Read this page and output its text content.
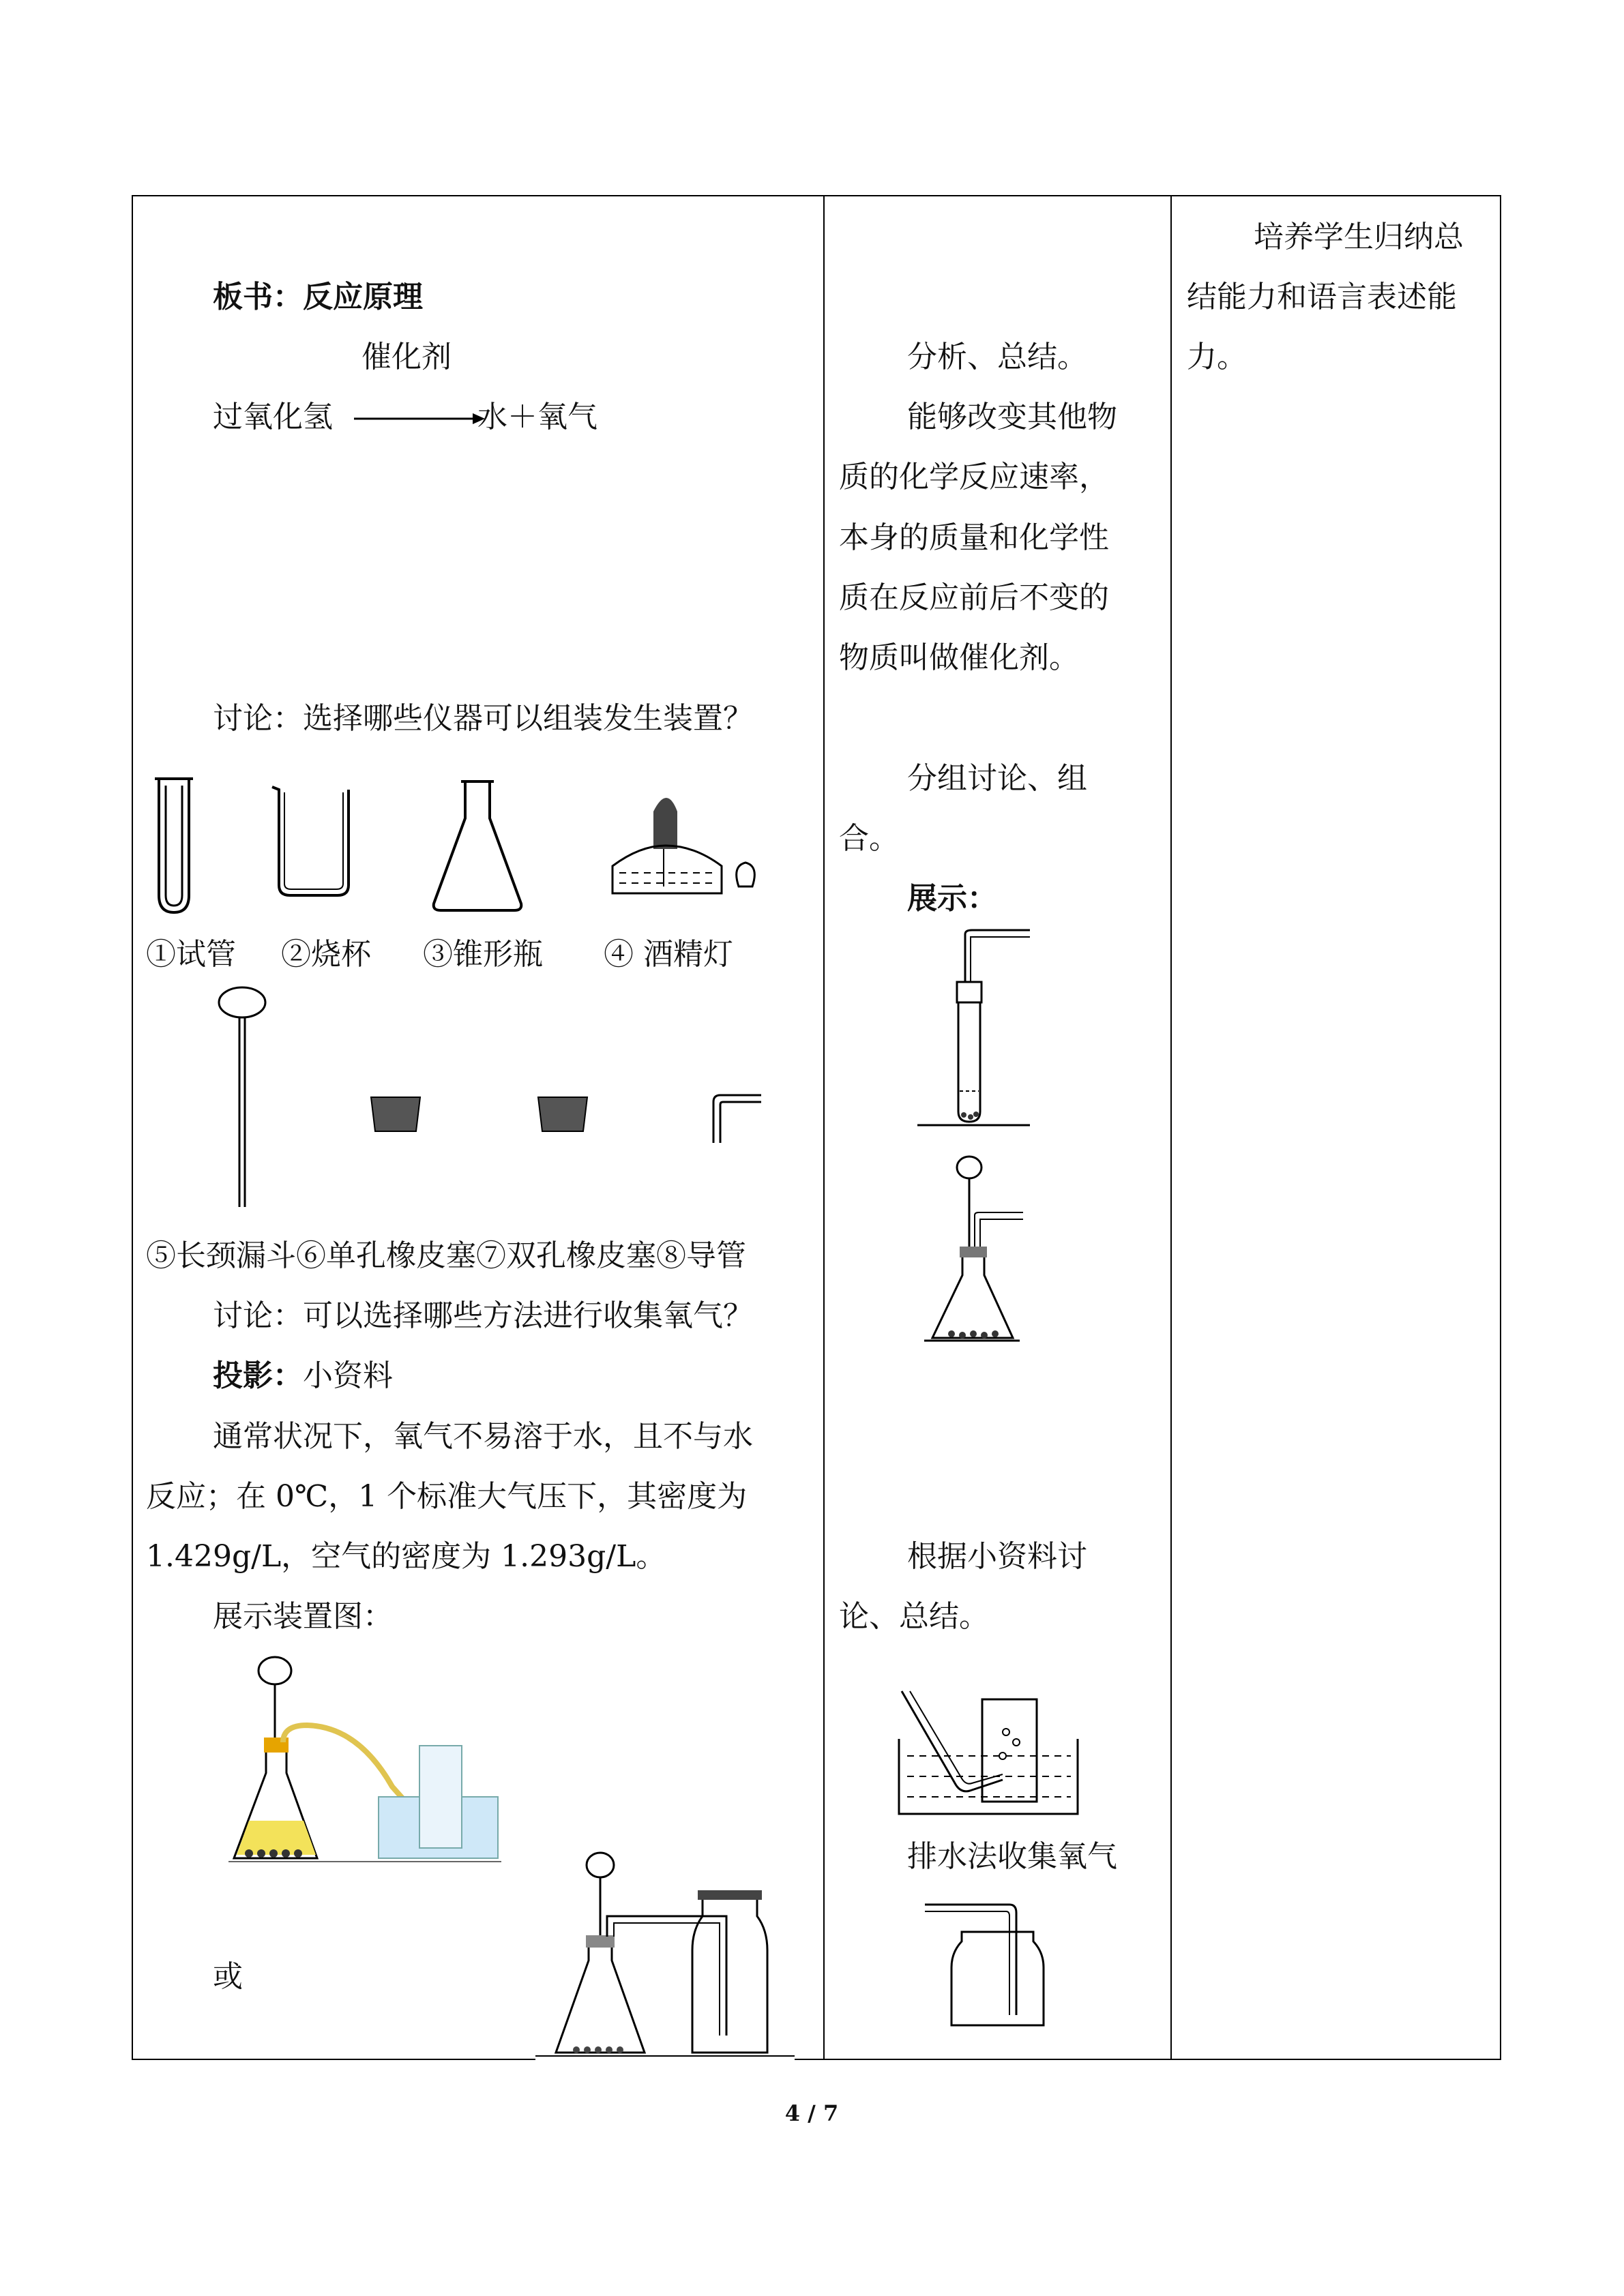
板书：反应原理
催化剂
过氧化氢	水＋氧气
讨论：选择哪些仪器可以组装发生装置？
①试管 ②烧杯 ③锥形瓶 ④ 酒精灯
⑤长颈漏斗⑥单孔橡皮塞⑦双孔橡皮塞⑧导管
讨论：可以选择哪些方法进行收集氧气？
投影：小资料
通常状况下，氧气不易溶于水，且不与水
反应；在 0℃，1 个标准大气压下，其密度为
1.429g/L，空气的密度为 1.293g/L。
展示装置图：
或
分析、总结。
能够改变其他物
质的化学反应速率，
本身的质量和化学性
质在反应前后不变的
物质叫做催化剂。
分组讨论、组
合。
展示：
根据小资料讨
论、总结。
排水法收集氧气
培养学生归纳总
结能力和语言表述能
力。
4 / 7
